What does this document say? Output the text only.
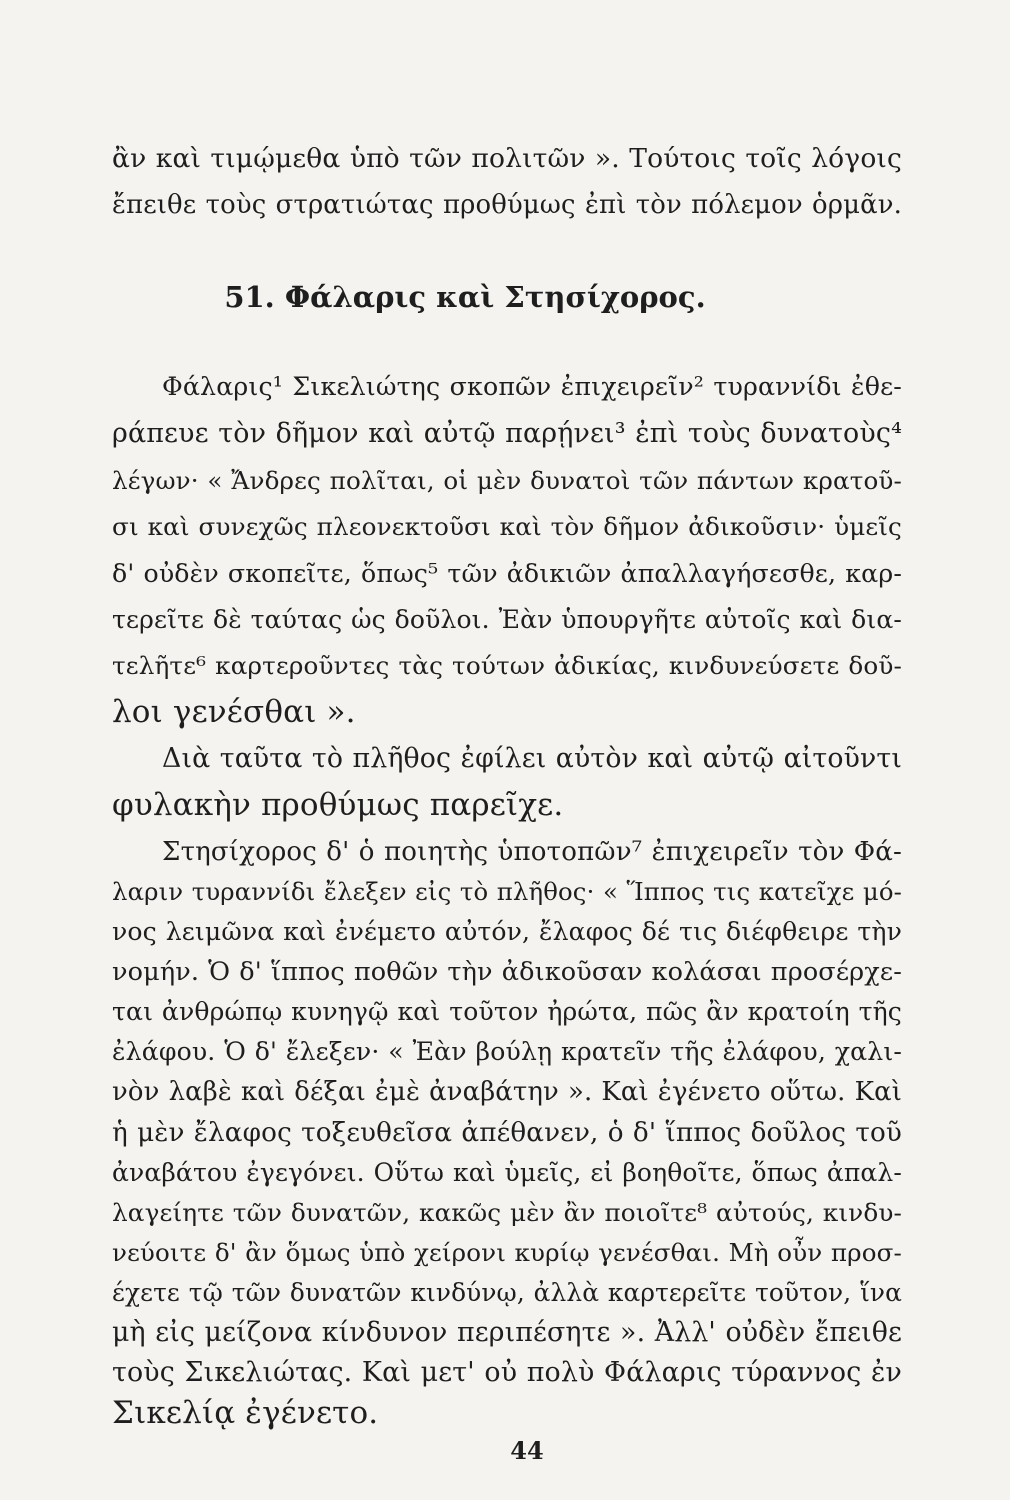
ἂν καὶ τιμῴμεθα ὑπὸ τῶν πολιτῶν ». Τούτοις τοῖς λόγοις
ἔπειθε τοὺς στρατιώτας προθύμως ἐπὶ τὸν πόλεμον ὁρμᾶν.
51. Φάλαρις καὶ Στησίχορος.
Φάλαρις¹ Σικελιώτης σκοπῶν ἐπιχειρεῖν² τυραννίδι ἐθε-
ράπευε τὸν δῆμον καὶ αὐτῷ παρῄνει³ ἐπὶ τοὺς δυνατοὺς⁴
λέγων· « Ἄνδρες πολῖται, οἱ μὲν δυνατοὶ τῶν πάντων κρατοῦ-
σι καὶ συνεχῶς πλεονεκτοῦσι καὶ τὸν δῆμον ἀδικοῦσιν· ὑμεῖς
δ' οὐδὲν σκοπεῖτε, ὅπως⁵ τῶν ἀδικιῶν ἀπαλλαγήσεσθε, καρ-
τερεῖτε δὲ ταύτας ὡς δοῦλοι. Ἐὰν ὑπουργῆτε αὐτοῖς καὶ δια-
τελῆτε⁶ καρτεροῦντες τὰς τούτων ἀδικίας, κινδυνεύσετε δοῦ-
λοι γενέσθαι ».
Διὰ ταῦτα τὸ πλῆθος ἐφίλει αὐτὸν καὶ αὐτῷ αἰτοῦντι
φυλακὴν προθύμως παρεῖχε.
Στησίχορος δ' ὁ ποιητὴς ὑποτοπῶν⁷ ἐπιχειρεῖν τὸν Φά-
λαριν τυραννίδι ἔλεξεν εἰς τὸ πλῆθος· « Ἵππος τις κατεῖχε μό-
νος λειμῶνα καὶ ἐνέμετο αὐτόν, ἔλαφος δέ τις διέφθειρε τὴν
νομήν. Ὁ δ' ἵππος ποθῶν τὴν ἀδικοῦσαν κολάσαι προσέρχε-
ται ἀνθρώπῳ κυνηγῷ καὶ τοῦτον ἠρώτα, πῶς ἂν κρατοίη τῆς
ἐλάφου. Ὁ δ' ἔλεξεν· « Ἐὰν βούλῃ κρατεῖν τῆς ἐλάφου, χαλι-
νὸν λαβὲ καὶ δέξαι ἐμὲ ἀναβάτην ». Καὶ ἐγένετο οὕτω. Καὶ
ἡ μὲν ἔλαφος τοξευθεῖσα ἀπέθανεν, ὁ δ' ἵππος δοῦλος τοῦ
ἀναβάτου ἐγεγόνει. Οὕτω καὶ ὑμεῖς, εἰ βοηθοῖτε, ὅπως ἀπαλ-
λαγείητε τῶν δυνατῶν, κακῶς μὲν ἂν ποιοῖτε⁸ αὐτούς, κινδυ-
νεύοιτε δ' ἂν ὅμως ὑπὸ χείρονι κυρίῳ γενέσθαι. Μὴ οὖν προσ-
έχετε τῷ τῶν δυνατῶν κινδύνῳ, ἀλλὰ καρτερεῖτε τοῦτον, ἵνα
μὴ εἰς μείζονα κίνδυνον περιπέσητε ». Ἀλλ' οὐδὲν ἔπειθε
τοὺς Σικελιώτας. Καὶ μετ' οὐ πολὺ Φάλαρις τύραννος ἐν
Σικελίᾳ ἐγένετο.
44
